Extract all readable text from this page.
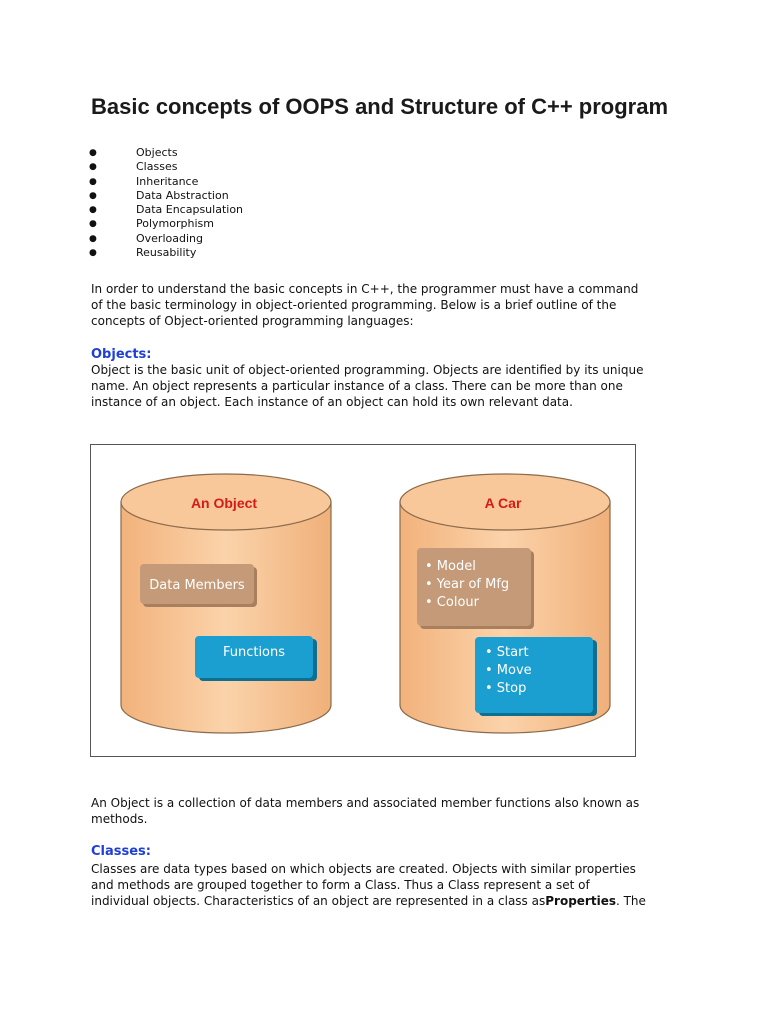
Basic concepts of OOPS and Structure of C++ program
●	Objects
●	Classes
●	Inheritance
●	Data Abstraction
●	Data Encapsulation
●	Polymorphism
●	Overloading
●	Reusability
In order to understand the basic concepts in C++, the programmer must have a command
of the basic terminology in object-oriented programming. Below is a brief outline of the
concepts of Object-oriented programming languages:
Objects:
Object is the basic unit of object-oriented programming. Objects are identified by its unique
name. An object represents a particular instance of a class. There can be more than one
instance of an object. Each instance of an object can hold its own relevant data.
An Object
Data Members
Functions
A Car
• Model
• Year of Mfg
• Colour
• Start
• Move
• Stop
An Object is a collection of data members and associated member functions also known as
methods.
Classes:
Classes are data types based on which objects are created. Objects with similar properties
and methods are grouped together to form a Class. Thus a Class represent a set of
individual objects. Characteristics of an object are represented in a class asProperties. The
